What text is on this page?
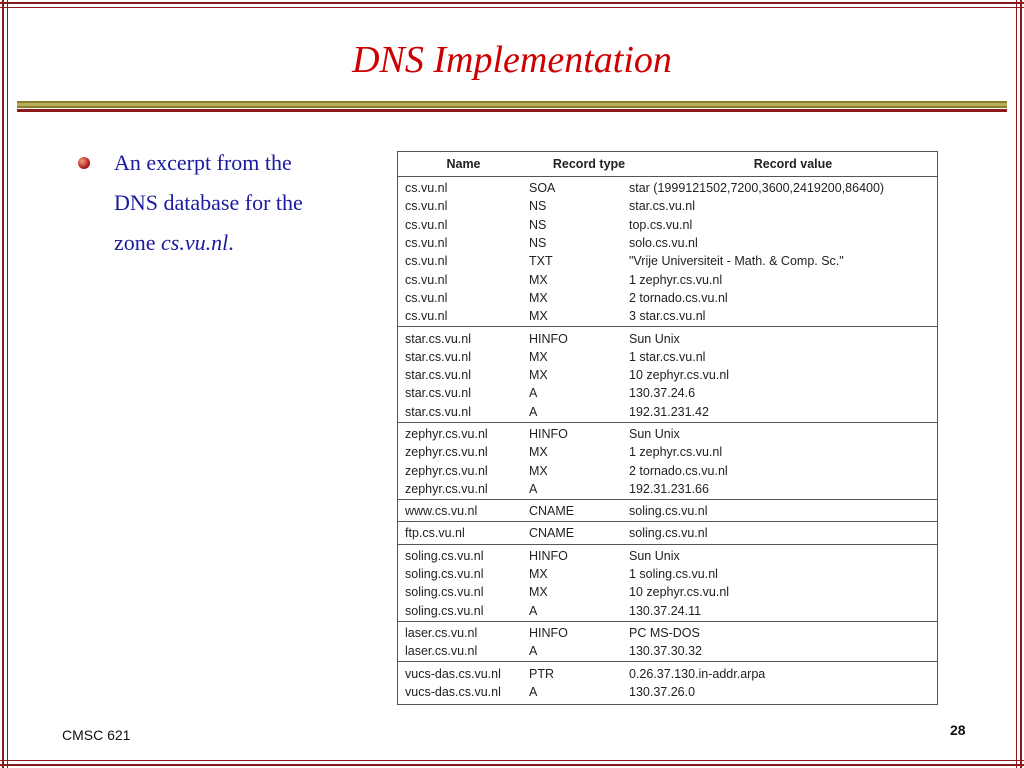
DNS Implementation
An excerpt from the DNS database for the zone cs.vu.nl.
Name	Record type	Record value
cs.vu.nl	SOA	star (1999121502,7200,3600,2419200,86400)
cs.vu.nl	NS	star.cs.vu.nl
cs.vu.nl	NS	top.cs.vu.nl
cs.vu.nl	NS	solo.cs.vu.nl
cs.vu.nl	TXT	"Vrije Universiteit - Math. & Comp. Sc."
cs.vu.nl	MX	1 zephyr.cs.vu.nl
cs.vu.nl	MX	2 tornado.cs.vu.nl
cs.vu.nl	MX	3 star.cs.vu.nl
star.cs.vu.nl	HINFO	Sun Unix
star.cs.vu.nl	MX	1 star.cs.vu.nl
star.cs.vu.nl	MX	10 zephyr.cs.vu.nl
star.cs.vu.nl	A	130.37.24.6
star.cs.vu.nl	A	192.31.231.42
zephyr.cs.vu.nl	HINFO	Sun Unix
zephyr.cs.vu.nl	MX	1 zephyr.cs.vu.nl
zephyr.cs.vu.nl	MX	2 tornado.cs.vu.nl
zephyr.cs.vu.nl	A	192.31.231.66
www.cs.vu.nl	CNAME	soling.cs.vu.nl
ftp.cs.vu.nl	CNAME	soling.cs.vu.nl
soling.cs.vu.nl	HINFO	Sun Unix
soling.cs.vu.nl	MX	1 soling.cs.vu.nl
soling.cs.vu.nl	MX	10 zephyr.cs.vu.nl
soling.cs.vu.nl	A	130.37.24.11
laser.cs.vu.nl	HINFO	PC MS-DOS
laser.cs.vu.nl	A	130.37.30.32
vucs-das.cs.vu.nl	PTR	0.26.37.130.in-addr.arpa
vucs-das.cs.vu.nl	A	130.37.26.0
CMSC 621	28
